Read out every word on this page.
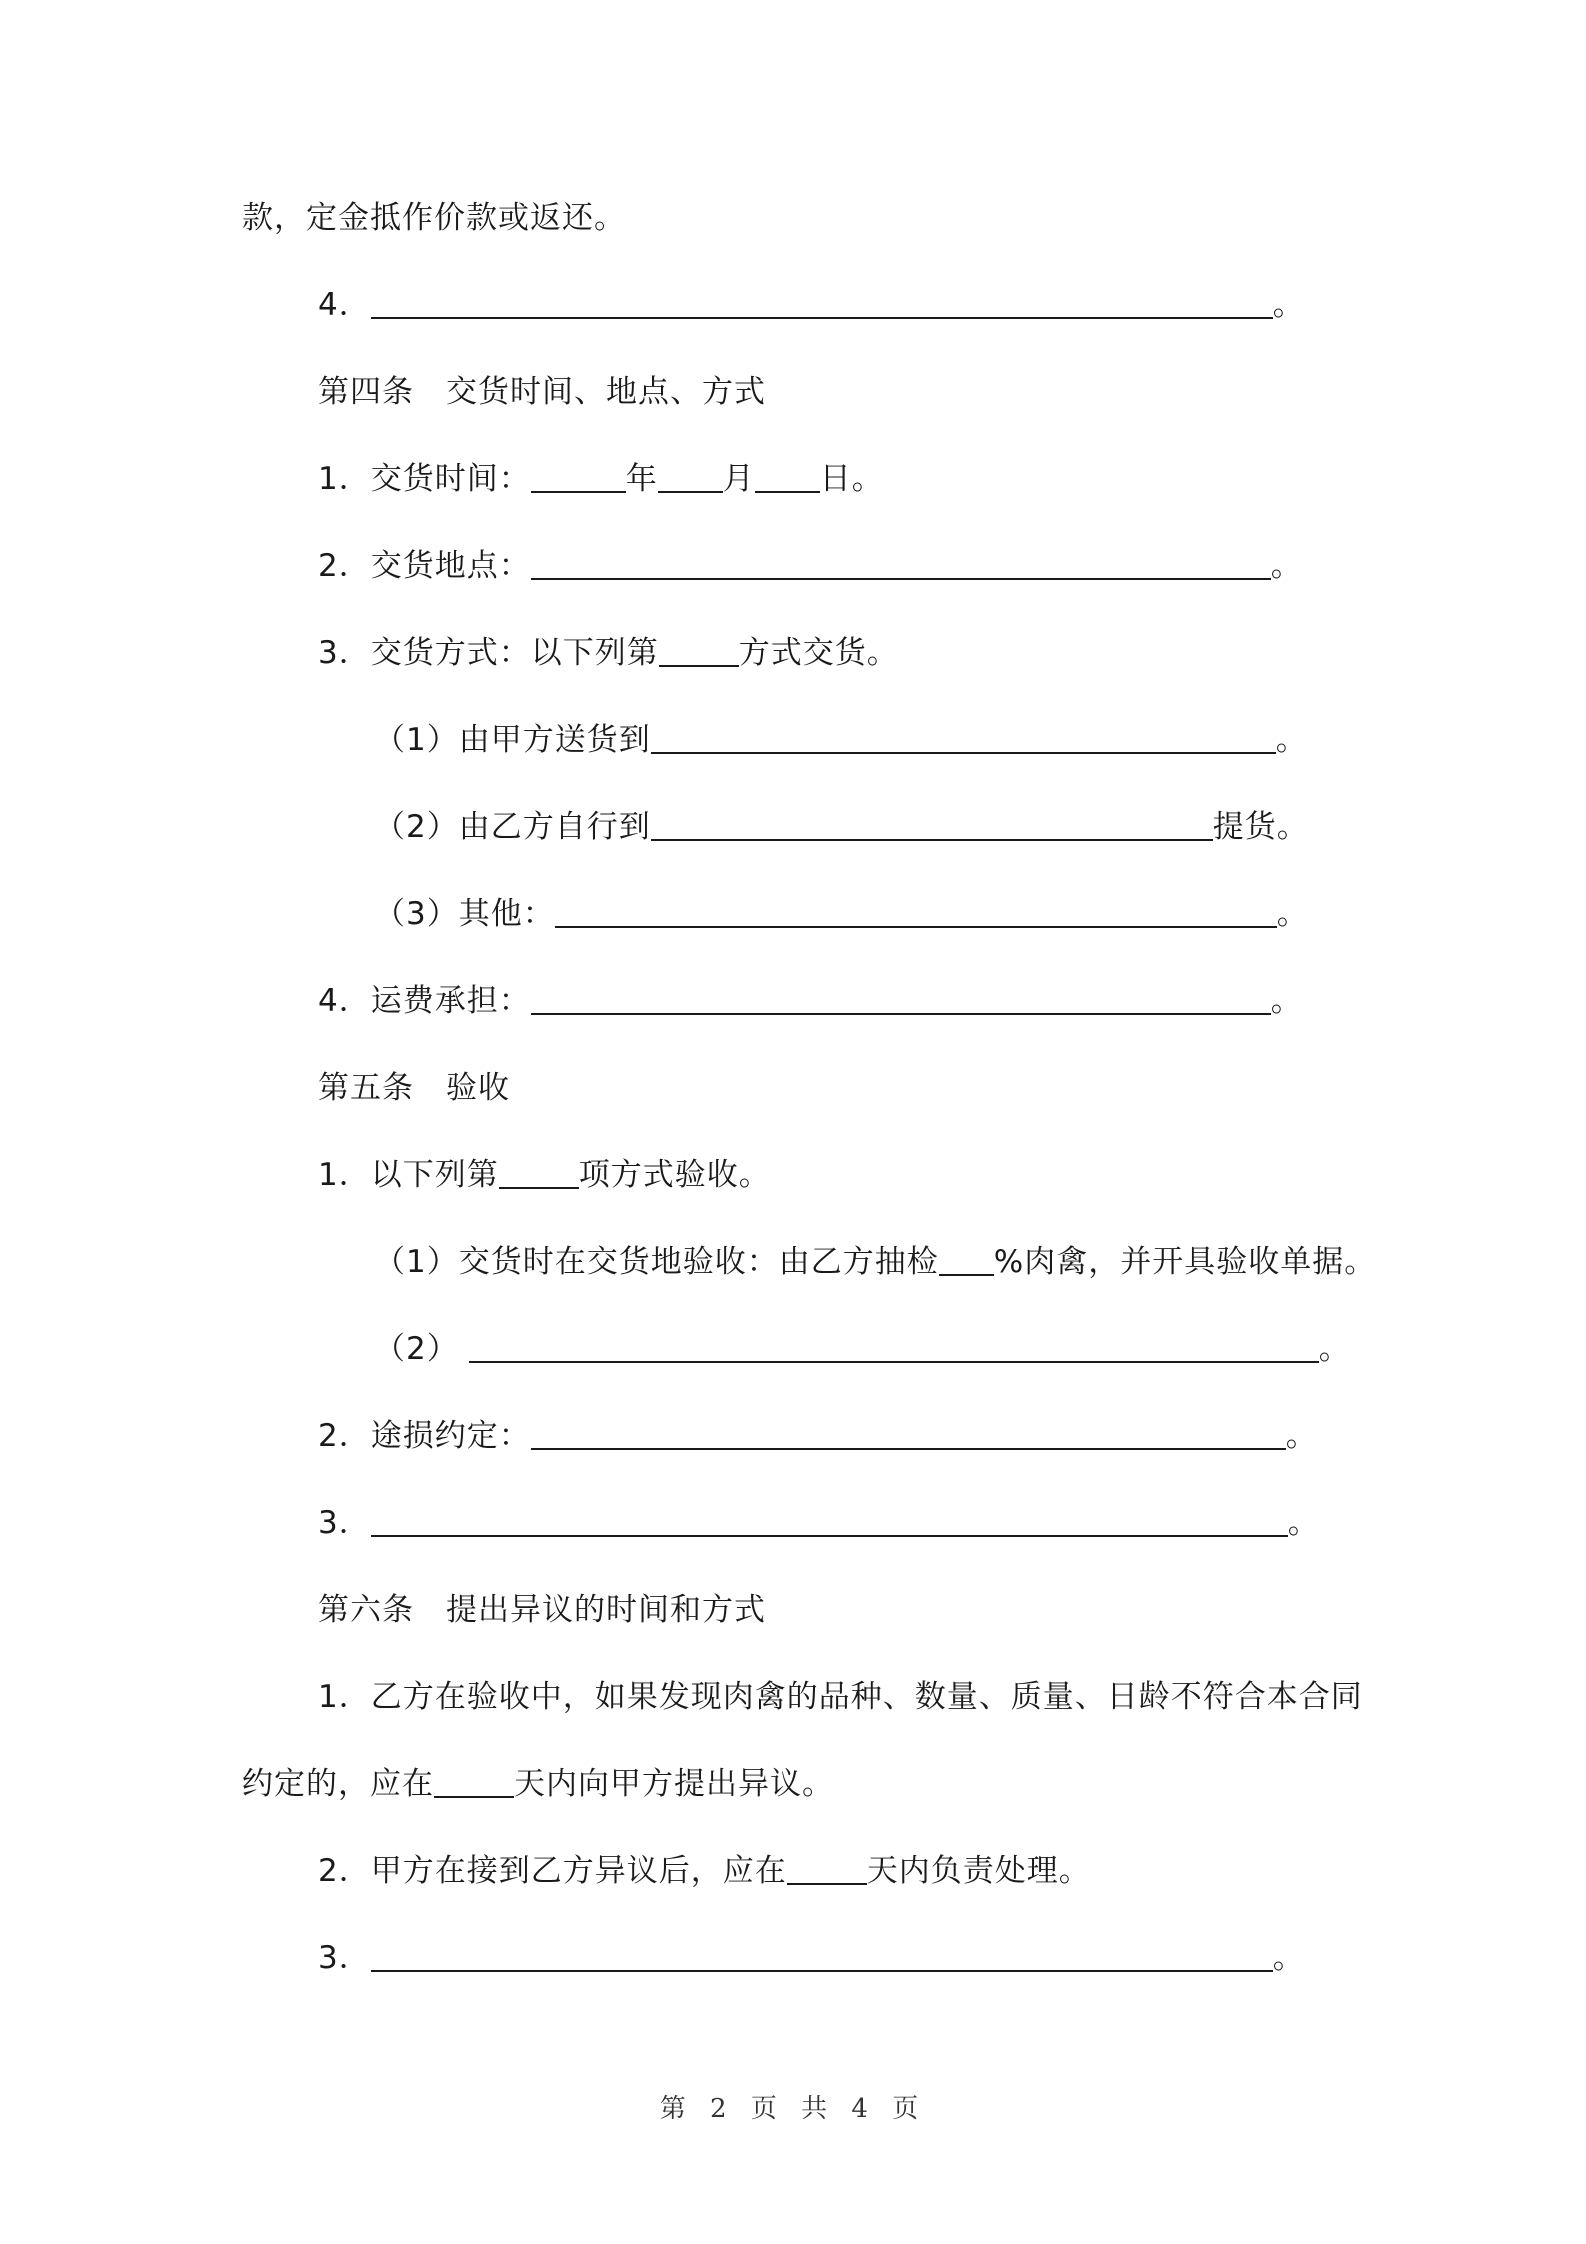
款，定金抵作价款或返还。
4．	。
第四条　交货时间、地点、方式
1．交货时间：	年 月 日。
2．交货地点：	。
3．交货方式：以下列第	方式交货。
（1）由甲方送货到	。
（2）由乙方自行到	提货。
（3）其他：	。
4．运费承担：	。
第五条　验收
1．以下列第	项方式验收。
（1）交货时在交货地验收：由乙方抽检 %肉禽，并开具验收单据。
（2）	。
2．途损约定：	。
3．	。
第六条　提出异议的时间和方式
1．乙方在验收中，如果发现肉禽的品种、数量、质量、日龄不符合本合同
约定的，应在	天内向甲方提出异议。
2．甲方在接到乙方异议后，应在	天内负责处理。
3．	。
第 2 页 共 4 页
